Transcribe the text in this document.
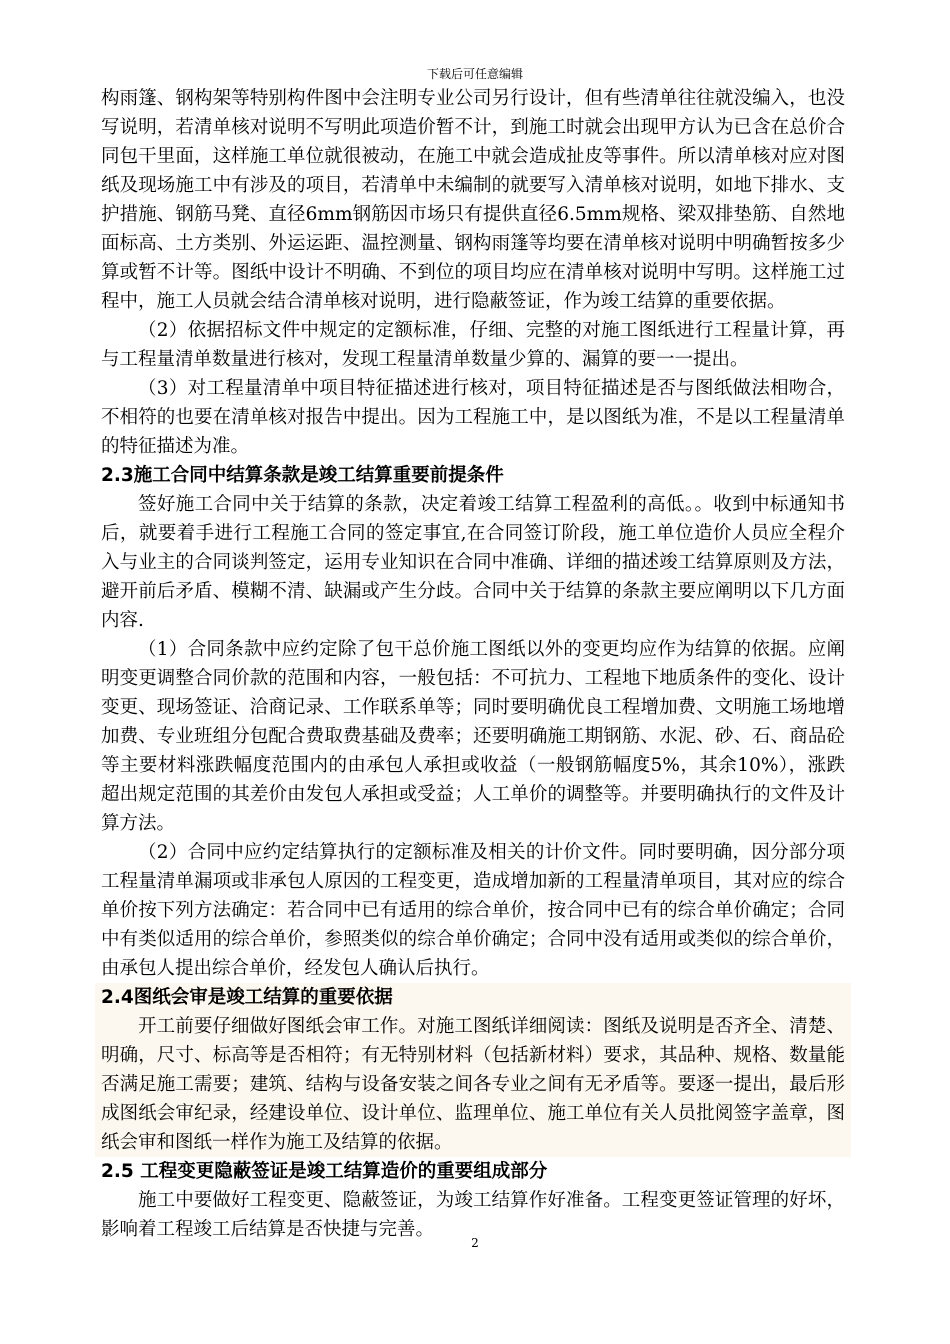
下载后可任意编辑

构雨篷、钢构架等特别构件图中会注明专业公司另行设计，但有些清单往往就没编入，也没写说明，若清单核对说明不写明此项造价暂不计，到施工时就会出现甲方认为已含在总价合同包干里面，这样施工单位就很被动，在施工中就会造成扯皮等事件。所以清单核对应对图纸及现场施工中有涉及的项目，若清单中未编制的就要写入清单核对说明，如地下排水、支护措施、钢筋马凳、直径6mm钢筋因市场只有提供直径6.5mm规格、梁双排垫筋、自然地面标高、土方类别、外运运距、温控测量、钢构雨篷等均要在清单核对说明中明确暂按多少算或暂不计等。图纸中设计不明确、不到位的项目均应在清单核对说明中写明。这样施工过程中，施工人员就会结合清单核对说明，进行隐蔽签证，作为竣工结算的重要依据。

（2）依据招标文件中规定的定额标准，仔细、完整的对施工图纸进行工程量计算，再与工程量清单数量进行核对，发现工程量清单数量少算的、漏算的要一一提出。

（3）对工程量清单中项目特征描述进行核对，项目特征描述是否与图纸做法相吻合，不相符的也要在清单核对报告中提出。因为工程施工中，是以图纸为准，不是以工程量清单的特征描述为准。

2.3施工合同中结算条款是竣工结算重要前提条件

签好施工合同中关于结算的条款，决定着竣工结算工程盈利的高低。。收到中标通知书后，就要着手进行工程施工合同的签定事宜,在合同签订阶段，施工单位造价人员应全程介入与业主的合同谈判签定，运用专业知识在合同中准确、详细的描述竣工结算原则及方法，避开前后矛盾、模糊不清、缺漏或产生分歧。合同中关于结算的条款主要应阐明以下几方面内容.

（1）合同条款中应约定除了包干总价施工图纸以外的变更均应作为结算的依据。应阐明变更调整合同价款的范围和内容，一般包括：不可抗力、工程地下地质条件的变化、设计变更、现场签证、洽商记录、工作联系单等；同时要明确优良工程增加费、文明施工场地增加费、专业班组分包配合费取费基础及费率；还要明确施工期钢筋、水泥、砂、石、商品砼等主要材料涨跌幅度范围内的由承包人承担或收益（一般钢筋幅度5%，其余10%），涨跌超出规定范围的其差价由发包人承担或受益；人工单价的调整等。并要明确执行的文件及计算方法。

（2）合同中应约定结算执行的定额标准及相关的计价文件。同时要明确，因分部分项工程量清单漏项或非承包人原因的工程变更，造成增加新的工程量清单项目，其对应的综合单价按下列方法确定：若合同中已有适用的综合单价，按合同中已有的综合单价确定；合同中有类似适用的综合单价，参照类似的综合单价确定；合同中没有适用或类似的综合单价，由承包人提出综合单价，经发包人确认后执行。

2.4图纸会审是竣工结算的重要依据

开工前要仔细做好图纸会审工作。对施工图纸详细阅读：图纸及说明是否齐全、清楚、明确，尺寸、标高等是否相符；有无特别材料（包括新材料）要求，其品种、规格、数量能否满足施工需要；建筑、结构与设备安装之间各专业之间有无矛盾等。要逐一提出，最后形成图纸会审纪录，经建设单位、设计单位、监理单位、施工单位有关人员批阅签字盖章，图纸会审和图纸一样作为施工及结算的依据。

2.5 工程变更隐蔽签证是竣工结算造价的重要组成部分

施工中要做好工程变更、隐蔽签证，为竣工结算作好准备。工程变更签证管理的好坏，影响着工程竣工后结算是否快捷与完善。

2
